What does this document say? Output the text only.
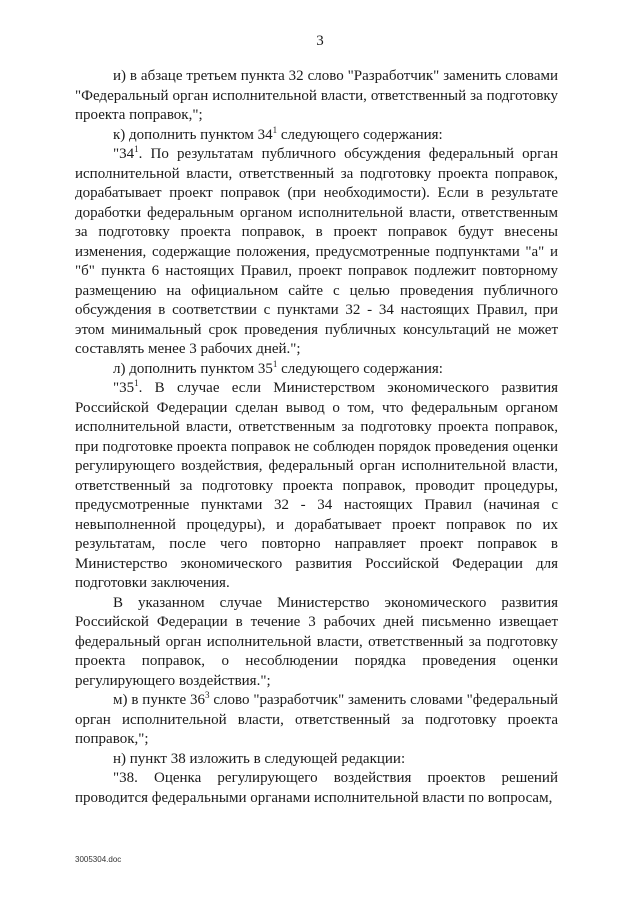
3

и) в абзаце третьем пункта 32 слово "Разработчик" заменить словами "Федеральный орган исполнительной власти, ответственный за подготовку проекта поправок,";

к) дополнить пунктом $34^1$ следующего содержания:

"$34^1$. По результатам публичного обсуждения федеральный орган исполнительной власти, ответственный за подготовку проекта поправок, дорабатывает проект поправок (при необходимости). Если в результате доработки федеральным органом исполнительной власти, ответственным за подготовку проекта поправок, в проект поправок будут внесены изменения, содержащие положения, предусмотренные подпунктами "а" и "б" пункта 6 настоящих Правил, проект поправок подлежит повторному размещению на официальном сайте с целью проведения публичного обсуждения в соответствии с пунктами 32 - 34 настоящих Правил, при этом минимальный срок проведения публичных консультаций не может составлять менее 3 рабочих дней.";

л) дополнить пунктом $35^1$ следующего содержания:

"$35^1$. В случае если Министерством экономического развития Российской Федерации сделан вывод о том, что федеральным органом исполнительной власти, ответственным за подготовку проекта поправок, при подготовке проекта поправок не соблюден порядок проведения оценки регулирующего воздействия, федеральный орган исполнительной власти, ответственный за подготовку проекта поправок, проводит процедуры, предусмотренные пунктами 32 - 34 настоящих Правил (начиная с невыполненной процедуры), и дорабатывает проект поправок по их результатам, после чего повторно направляет проект поправок в Министерство экономического развития Российской Федерации для подготовки заключения.

В указанном случае Министерство экономического развития Российской Федерации в течение 3 рабочих дней письменно извещает федеральный орган исполнительной власти, ответственный за подготовку проекта поправок, о несоблюдении порядка проведения оценки регулирующего воздействия.";

м) в пункте $36^3$ слово "разработчик" заменить словами "федеральный орган исполнительной власти, ответственный за подготовку проекта поправок,";

н) пункт 38 изложить в следующей редакции:

"38. Оценка регулирующего воздействия проектов решений проводится федеральными органами исполнительной власти по вопросам,

3005304.doc
